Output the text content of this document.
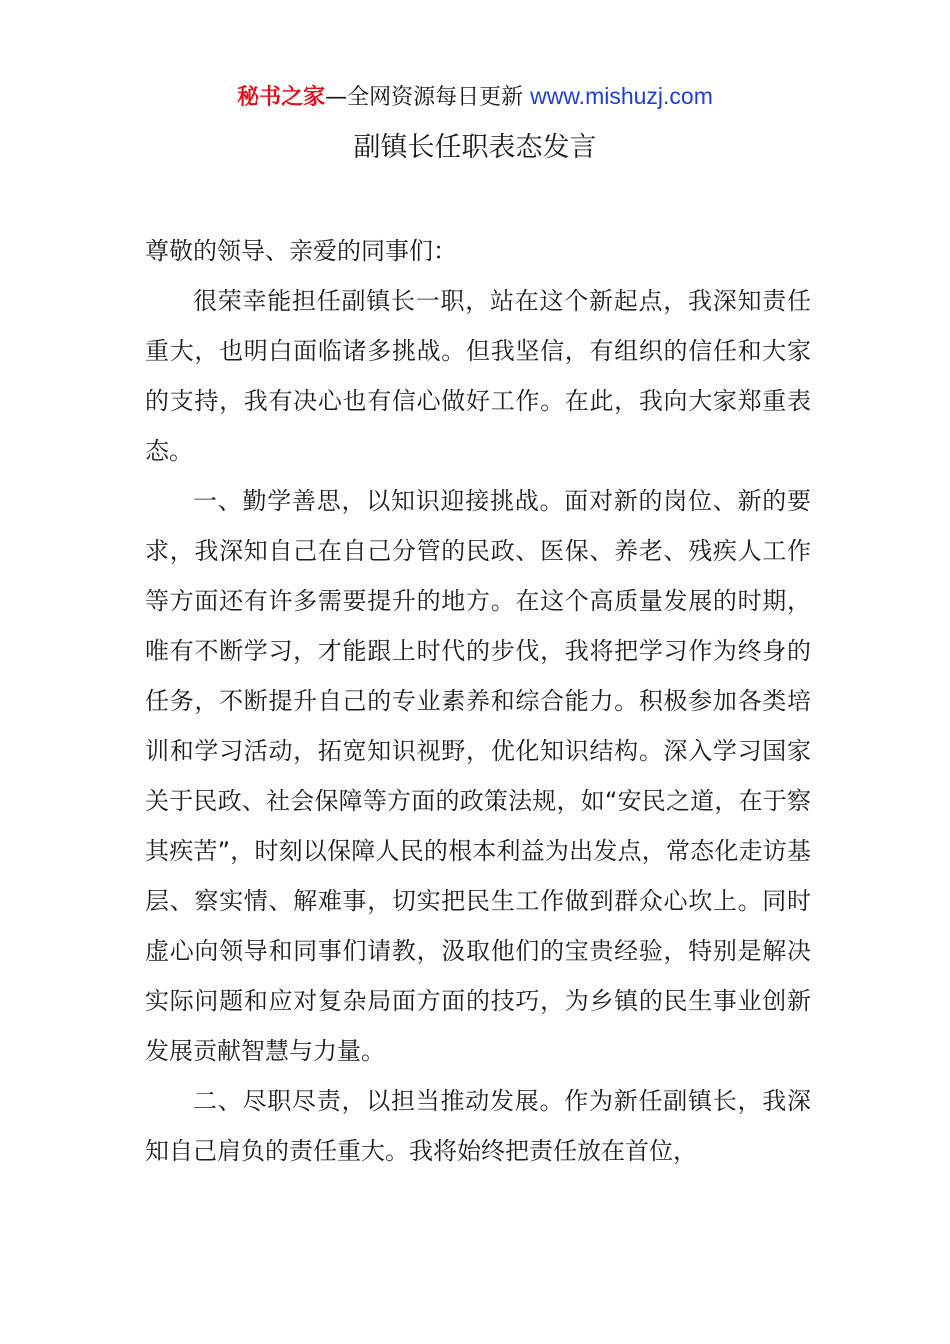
秘书之家—全网资源每日更新 www.mishuzj.com
副镇长任职表态发言

尊敬的领导、亲爱的同事们：

很荣幸能担任副镇长一职，站在这个新起点，我深知责任重大，也明白面临诸多挑战。但我坚信，有组织的信任和大家的支持，我有决心也有信心做好工作。在此，我向大家郑重表态。

一、勤学善思，以知识迎接挑战。面对新的岗位、新的要求，我深知自己在自己分管的民政、医保、养老、残疾人工作等方面还有许多需要提升的地方。在这个高质量发展的时期，唯有不断学习，才能跟上时代的步伐，我将把学习作为终身的任务，不断提升自己的专业素养和综合能力。积极参加各类培训和学习活动，拓宽知识视野，优化知识结构。深入学习国家关于民政、社会保障等方面的政策法规，如“安民之道，在于察其疾苦”，时刻以保障人民的根本利益为出发点，常态化走访基层、察实情、解难事，切实把民生工作做到群众心坎上。同时虚心向领导和同事们请教，汲取他们的宝贵经验，特别是解决实际问题和应对复杂局面方面的技巧，为乡镇的民生事业创新发展贡献智慧与力量。

二、尽职尽责，以担当推动发展。作为新任副镇长，我深知自己肩负的责任重大。我将始终把责任放在首位，
